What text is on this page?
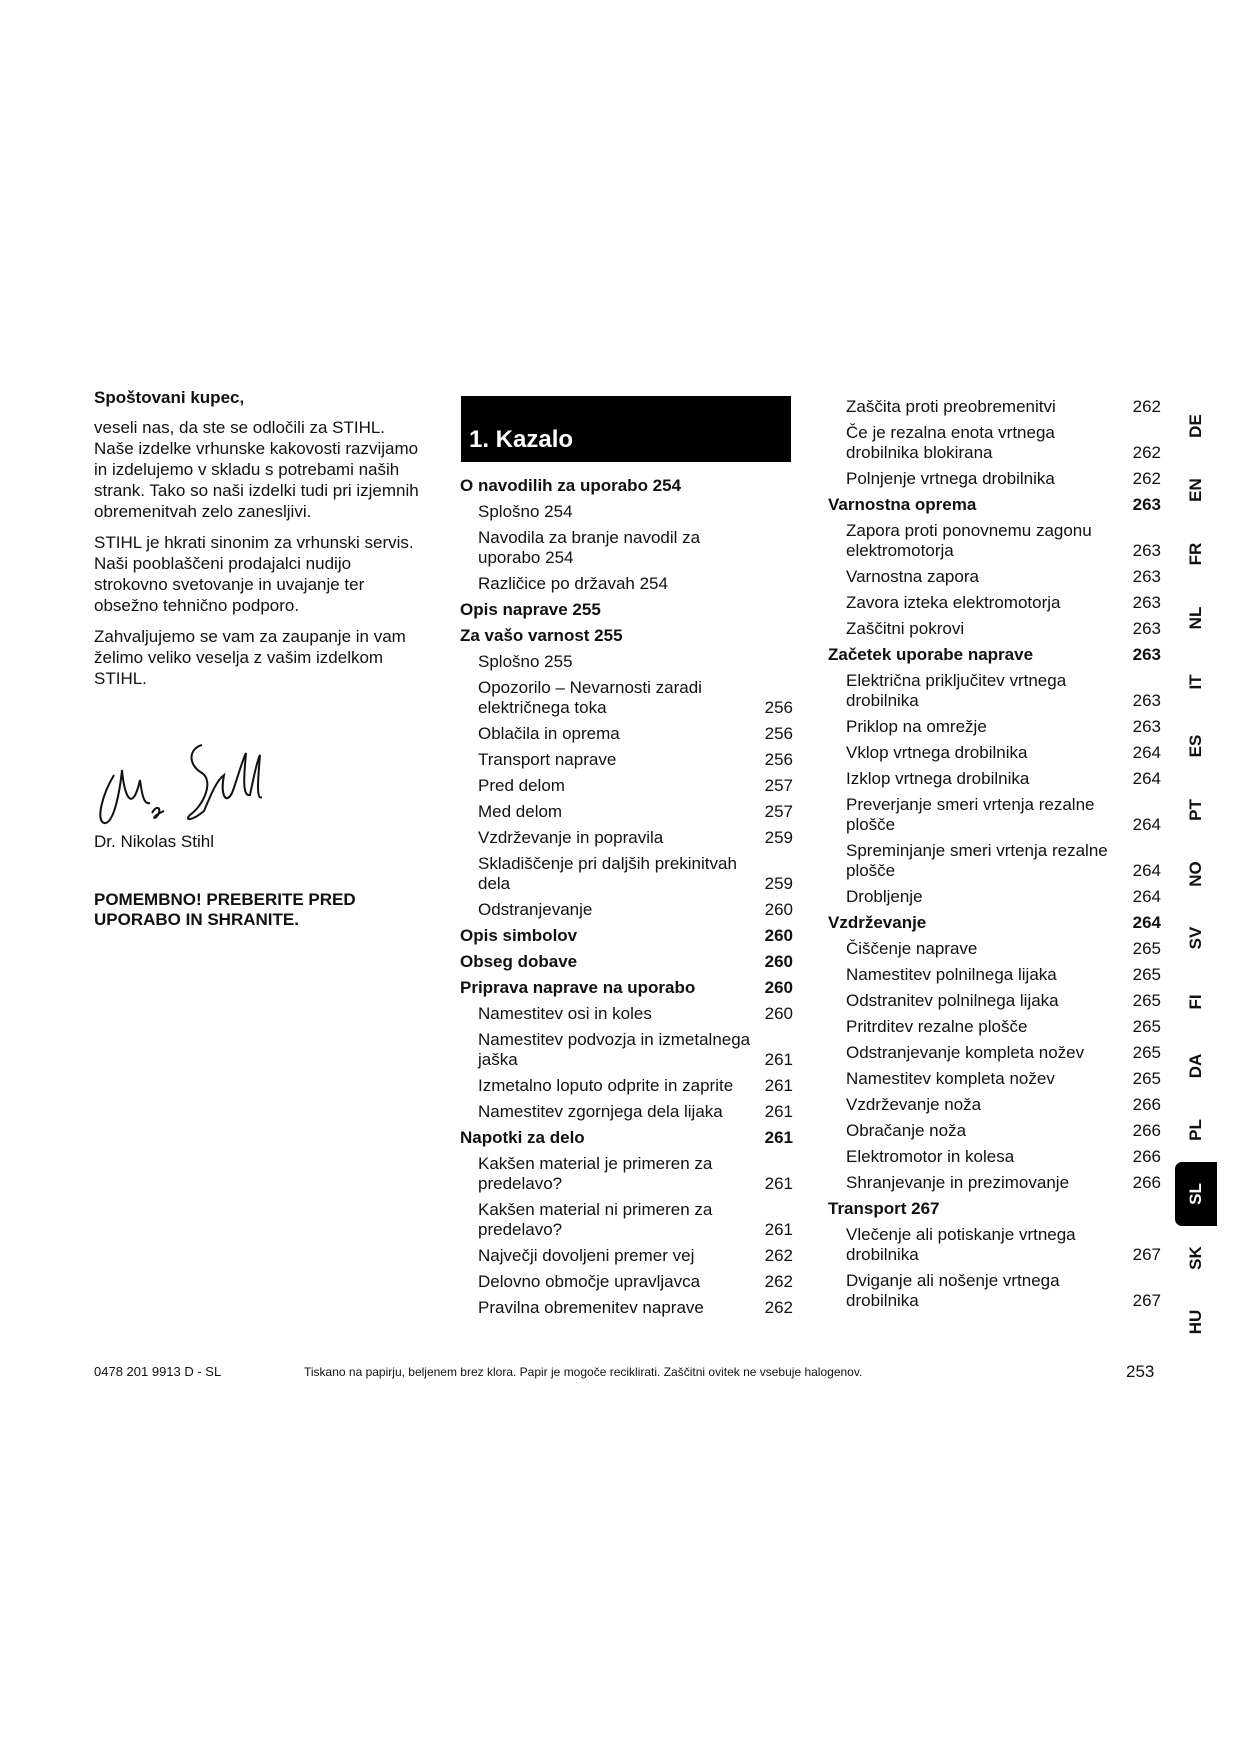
Spoštovani kupec,

veseli nas, da ste se odločili za STIHL. Naše izdelke vrhunske kakovosti razvijamo in izdelujemo v skladu s potrebami naših strank. Tako so naši izdelki tudi pri izjemnih obremenitvah zelo zanesljivi.

STIHL je hkrati sinonim za vrhunski servis. Naši pooblaščeni prodajalci nudijo strokovno svetovanje in uvajanje ter obsežno tehnično podporo.

Zahvaljujemo se vam za zaupanje in vam želimo veliko veselja z vašim izdelkom STIHL.

Dr. Nikolas Stihl
POMEMBNO! PREBERITE PRED UPORABO IN SHRANITE.
1. Kazalo
O navodilih za uporabo 254
Splošno 254
Navodila za branje navodil za uporabo 254
Različice po državah 254
Opis naprave 255
Za vašo varnost 255
Splošno 255
Opozorilo – Nevarnosti zaradi električnega toka	256
Oblačila in oprema	256
Transport naprave	256
Pred delom	257
Med delom	257
Vzdrževanje in popravila	259
Skladiščenje pri daljših prekinitvah dela	259
Odstranjevanje	260
Opis simbolov	260
Obseg dobave	260
Priprava naprave na uporabo	260
Namestitev osi in koles	260
Namestitev podvozja in izmetalnega jaška	261
Izmetalno loputo odprite in zaprite	261
Namestitev zgornjega dela lijaka	261
Napotki za delo	261
Kakšen material je primeren za predelavo?	261
Kakšen material ni primeren za predelavo?	261
Največji dovoljeni premer vej	262
Delovno območje upravljavca	262
Pravilna obremenitev naprave	262
Zaščita proti preobremenitvi	262
Če je rezalna enota vrtnega drobilnika blokirana	262
Polnjenje vrtnega drobilnika	262
Varnostna oprema	263
Zapora proti ponovnemu zagonu elektromotorja	263
Varnostna zapora	263
Zavora izteka elektromotorja	263
Zaščitni pokrovi	263
Začetek uporabe naprave	263
Električna priključitev vrtnega drobilnika	263
Priklop na omrežje	263
Vklop vrtnega drobilnika	264
Izklop vrtnega drobilnika	264
Preverjanje smeri vrtenja rezalne plošče	264
Spreminjanje smeri vrtenja rezalne plošče	264
Drobljenje	264
Vzdrževanje	264
Čiščenje naprave	265
Namestitev polnilnega lijaka	265
Odstranitev polnilnega lijaka	265
Pritrditev rezalne plošče	265
Odstranjevanje kompleta nožev	265
Namestitev kompleta nožev	265
Vzdrževanje noža	266
Obračanje noža	266
Elektromotor in kolesa	266
Shranjevanje in prezimovanje	266
Transport 267
Vlečenje ali potiskanje vrtnega drobilnika	267
Dviganje ali nošenje vrtnega drobilnika	267
DE
EN
FR
NL
IT
ES
PT
NO
SV
FI
DA
PL
SL
SK
HU
0478 201 9913 D - SL	Tiskano na papirju, beljenem brez klora. Papir je mogoče reciklirati. Zaščitni ovitek ne vsebuje halogenov.	253
